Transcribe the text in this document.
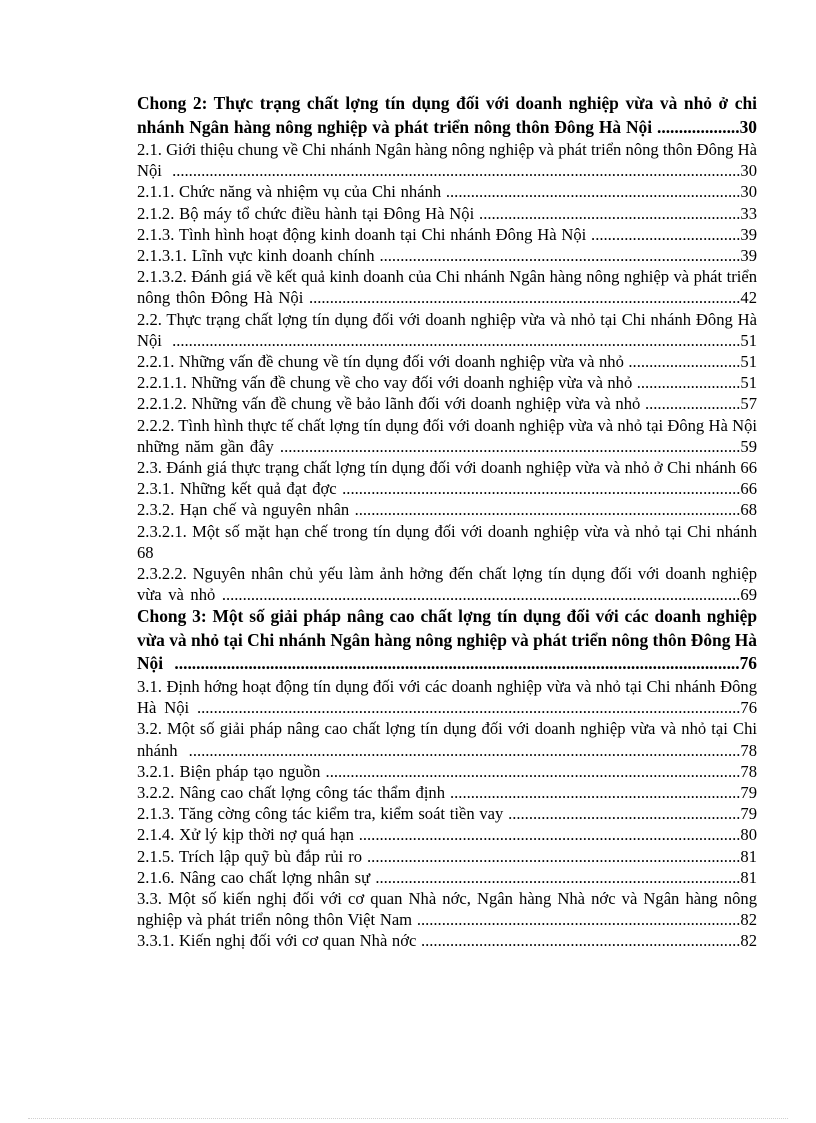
Chong 2: Thực trạng chất lợng tín dụng đối với doanh nghiệp vừa và nhỏ ở chi nhánh Ngân hàng nông nghiệp và phát triển nông thôn Đông Hà Nội ...................30

2.1. Giới thiệu chung về Chi nhánh Ngân hàng nông nghiệp và phát triển nông thôn Đông Hà Nội .........................................................................................................................................30

2.1.1. Chức năng và nhiệm vụ của Chi nhánh .......................................................................30

2.1.2. Bộ máy tổ chức điều hành tại Đông Hà Nội ...............................................................33

2.1.3. Tình hình hoạt động kinh doanh tại Chi nhánh Đông Hà Nội ....................................39

2.1.3.1. Lĩnh vực kinh doanh chính .......................................................................................39

2.1.3.2. Đánh giá về kết quả kinh doanh của Chi nhánh Ngân hàng nông nghiệp và phát triển nông thôn Đông Hà Nội ........................................................................................................42

2.2. Thực trạng chất lợng tín dụng đối với doanh nghiệp vừa và nhỏ tại Chi nhánh Đông Hà Nội .........................................................................................................................................51

2.2.1. Những vấn đề chung về tín dụng đối với doanh nghiệp vừa và nhỏ ...........................51

2.2.1.1. Những vấn đề chung về cho vay đối với doanh nghiệp vừa và nhỏ .........................51

2.2.1.2. Những vấn đề chung về bảo lãnh đối với doanh nghiệp vừa và nhỏ .......................57

2.2.2. Tình hình thực tế chất lợng tín dụng đối với doanh nghiệp vừa và nhỏ tại Đông Hà Nội những năm gần đây ...............................................................................................................59

2.3. Đánh giá thực trạng chất lợng tín dụng đối với doanh nghiệp vừa và nhỏ ở Chi nhánh 66

2.3.1. Những kết quả đạt đợc ................................................................................................66

2.3.2. Hạn chế và nguyên nhân .............................................................................................68

2.3.2.1. Một số mặt hạn chế trong tín dụng đối với doanh nghiệp vừa và nhỏ tại Chi nhánh 68

2.3.2.2. Nguyên nhân chủ yếu làm ảnh hởng đến chất lợng tín dụng đối với doanh nghiệp vừa và nhỏ .............................................................................................................................69

Chong 3: Một số giải pháp nâng cao chất lợng tín dụng đối với các doanh nghiệp vừa và nhỏ tại Chi nhánh Ngân hàng nông nghiệp và phát triển nông thôn Đông Hà Nội ..................................................................................................................................76

3.1. Định hớng hoạt động tín dụng đối với các doanh nghiệp vừa và nhỏ tại Chi nhánh Đông Hà Nội ...................................................................................................................................76

3.2. Một số giải pháp nâng cao chất lợng tín dụng đối với doanh nghiệp vừa và nhỏ tại Chi nhánh .....................................................................................................................................78

3.2.1. Biện pháp tạo nguồn ....................................................................................................78

3.2.2. Nâng cao chất lợng công tác thẩm định ......................................................................79

2.1.3. Tăng cờng công tác kiểm tra, kiểm soát tiền vay ........................................................79

2.1.4. Xử lý kịp thời nợ quá hạn ............................................................................................80

2.1.5. Trích lập quỹ bù đắp rủi ro ..........................................................................................81

2.1.6. Nâng cao chất lợng nhân sự ........................................................................................81

3.3. Một số kiến nghị đối với cơ quan Nhà nớc, Ngân hàng Nhà nớc và Ngân hàng nông nghiệp và phát triển nông thôn Việt Nam ..............................................................................82

3.3.1. Kiến nghị đối với cơ quan Nhà nớc .............................................................................82
